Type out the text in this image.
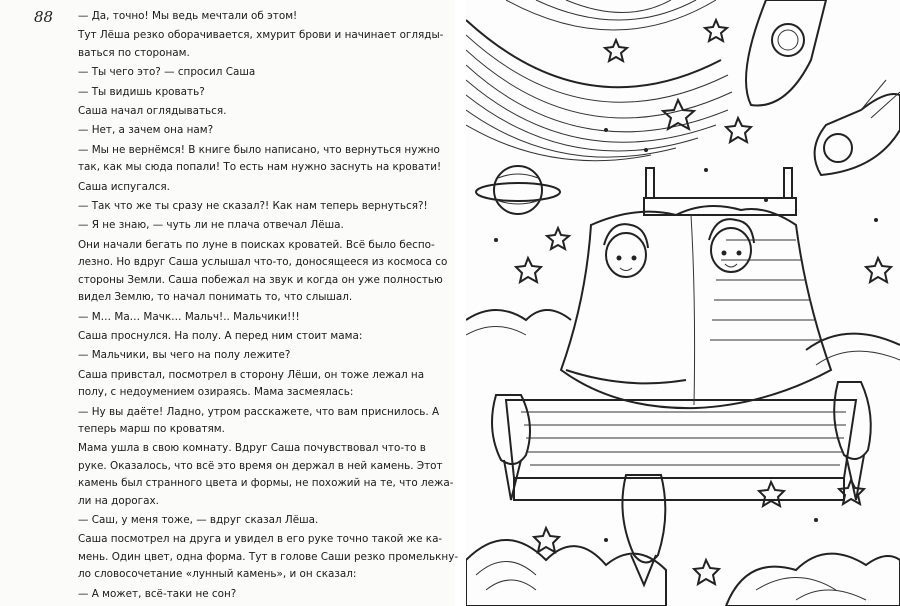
88	— Да, точно! Мы ведь мечтали об этом!

Тут Лёша резко оборачивается, хмурит брови и начинает огляды-
ваться по сторонам.

— Ты чего это? — спросил Саша

— Ты видишь кровать?

Саша начал оглядываться.

— Нет, а зачем она нам?

— Мы не вернёмся! В книге было написано, что вернуться нужно
так, как мы сюда попали! То есть нам нужно заснуть на кровати!

Саша испугался.

— Так что же ты сразу не сказал?! Как нам теперь вернуться?!

— Я не знаю, — чуть ли не плача отвечал Лёша.

Они начали бегать по луне в поисках кроватей. Всё было беспо-
лезно. Но вдруг Саша услышал что-то, доносящееся из космоса со
стороны Земли. Саша побежал на звук и когда он уже полностью
видел Землю, то начал понимать то, что слышал.

— М… Ма… Мачк… Мальч!.. Мальчики!!!

Саша проснулся. На полу. А перед ним стоит мама:

— Мальчики, вы чего на полу лежите?

Саша привстал, посмотрел в сторону Лёши, он тоже лежал на
полу, с недоумением озираясь. Мама засмеялась:

— Ну вы даёте! Ладно, утром расскажете, что вам приснилось. А
теперь марш по кроватям.

Мама ушла в свою комнату. Вдруг Саша почувствовал что-то в
руке. Оказалось, что всё это время он держал в ней камень. Этот
камень был странного цвета и формы, не похожий на те, что лежа-
ли на дорогах.

— Саш, у меня тоже, — вдруг сказал Лёша.

Саша посмотрел на друга и увидел в его руке точно такой же ка-
мень. Один цвет, одна форма. Тут в голове Саши резко промелькну-
ло словосочетание «лунный камень», и он сказал:

— А может, всё-таки не сон?
